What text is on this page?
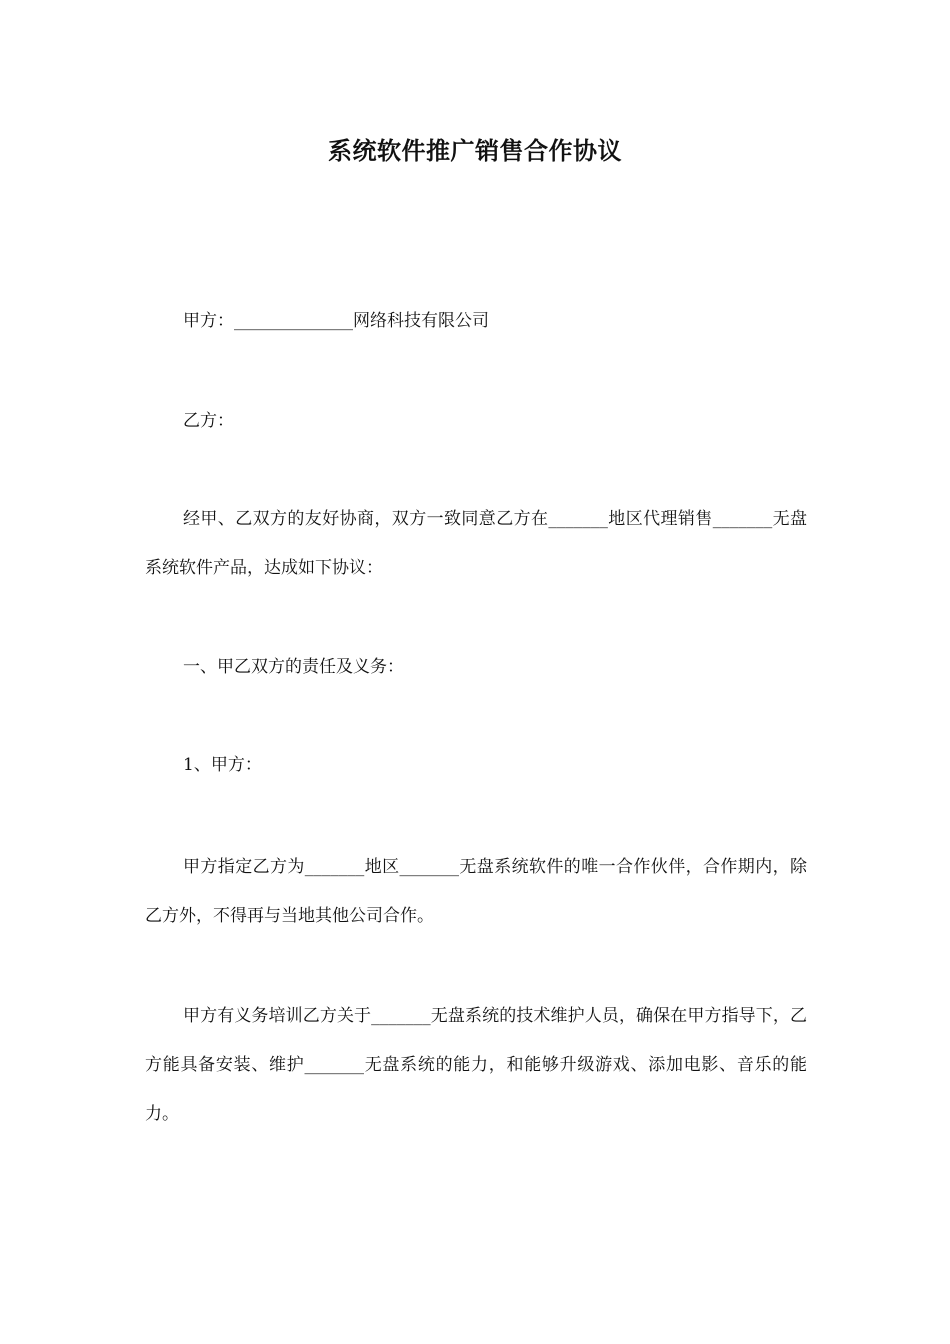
系统软件推广销售合作协议
甲方：______________网络科技有限公司
乙方：
经甲、乙双方的友好协商，双方一致同意乙方在_______地区代理销售_______无盘系统软件产品，达成如下协议：
一、甲乙双方的责任及义务：
1、甲方：
甲方指定乙方为_______地区_______无盘系统软件的唯一合作伙伴，合作期内，除乙方外，不得再与当地其他公司合作。
甲方有义务培训乙方关于_______无盘系统的技术维护人员，确保在甲方指导下，乙方能具备安装、维护_______无盘系统的能力，和能够升级游戏、添加电影、音乐的能力。
